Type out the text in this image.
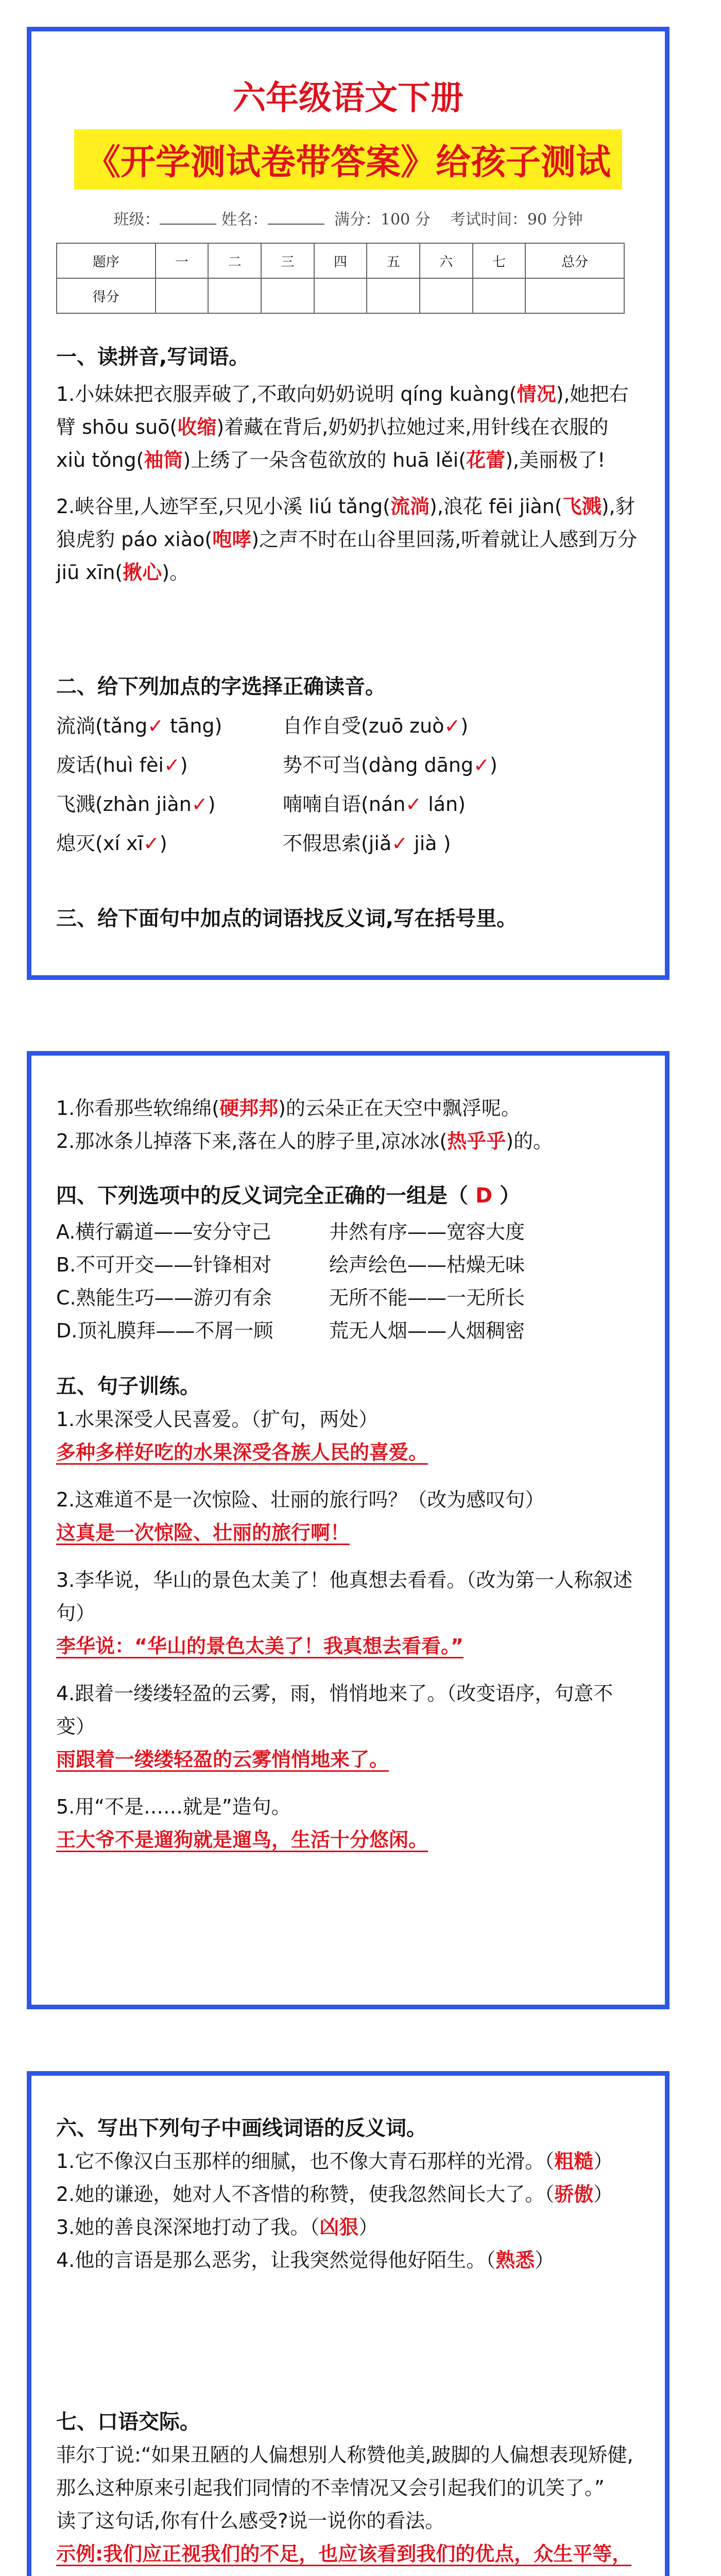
六年级语文下册
《开学测试卷带答案》给孩子测试
班级：	姓名：	满分：100 分 考试时间：90 分钟
题序	一	二	三	四	五	六	七	总分
得分								
一、读拼音,写词语。
1.小妹妹把衣服弄破了,不敢向奶奶说明 qíng kuàng(情况),她把右臂 shōu suō(收缩)着藏在背后,奶奶扒拉她过来,用针线在衣服的 xiù tǒng(袖筒)上绣了一朵含苞欲放的 huā lěi(花蕾),美丽极了!
2.峡谷里,人迹罕至,只见小溪 liú tǎng(流淌),浪花 fēi jiàn(飞溅),豺狼虎豹 páo xiào(咆哮)之声不时在山谷里回荡,听着就让人感到万分 jiū xīn(揪心)。
二、给下列加点的字选择正确读音。
流淌(tǎng✓ tāng)	自作自受(zuō zuò✓)
废话(huì fèi✓)	势不可当(dàng dāng✓)
飞溅(zhàn jiàn✓)	喃喃自语(nán✓ lán)
熄灭(xí xī✓)	不假思索(jiǎ✓ jià )
三、给下面句中加点的词语找反义词,写在括号里。
1.你看那些软绵绵(硬邦邦)的云朵正在天空中飘浮呢。
2.那冰条儿掉落下来,落在人的脖子里,凉冰冰(热乎乎)的。
四、下列选项中的反义词完全正确的一组是（ D ）
A.横行霸道——安分守己	井然有序——宽容大度
B.不可开交——针锋相对	绘声绘色——枯燥无味
C.熟能生巧——游刃有余	无所不能——一无所长
D.顶礼膜拜——不屑一顾	荒无人烟——人烟稠密
五、句子训练。
1.水果深受人民喜爱。（扩句，两处）
多种多样好吃的水果深受各族人民的喜爱。
2.这难道不是一次惊险、壮丽的旅行吗？（改为感叹句）
这真是一次惊险、壮丽的旅行啊！
3.李华说，华山的景色太美了！他真想去看看。（改为第一人称叙述句）
李华说：“华山的景色太美了！我真想去看看。”
4.跟着一缕缕轻盈的云雾，雨，悄悄地来了。（改变语序，句意不变）
雨跟着一缕缕轻盈的云雾悄悄地来了。
5.用“不是……就是”造句。
王大爷不是遛狗就是遛鸟，生活十分悠闲。
六、写出下列句子中画线词语的反义词。
1.它不像汉白玉那样的细腻，也不像大青石那样的光滑。（粗糙）
2.她的谦逊，她对人不吝惜的称赞，使我忽然间长大了。（骄傲）
3.她的善良深深地打动了我。（凶狠）
4.他的言语是那么恶劣，让我突然觉得他好陌生。（熟悉）
七、口语交际。
菲尔丁说:“如果丑陋的人偏想别人称赞他美,跛脚的人偏想表现矫健,那么这种原来引起我们同情的不幸情况又会引起我们的讥笑了。”
读了这句话,你有什么感受?说一说你的看法。
示例:我们应正视我们的不足，也应该看到我们的优点，众生平等，
